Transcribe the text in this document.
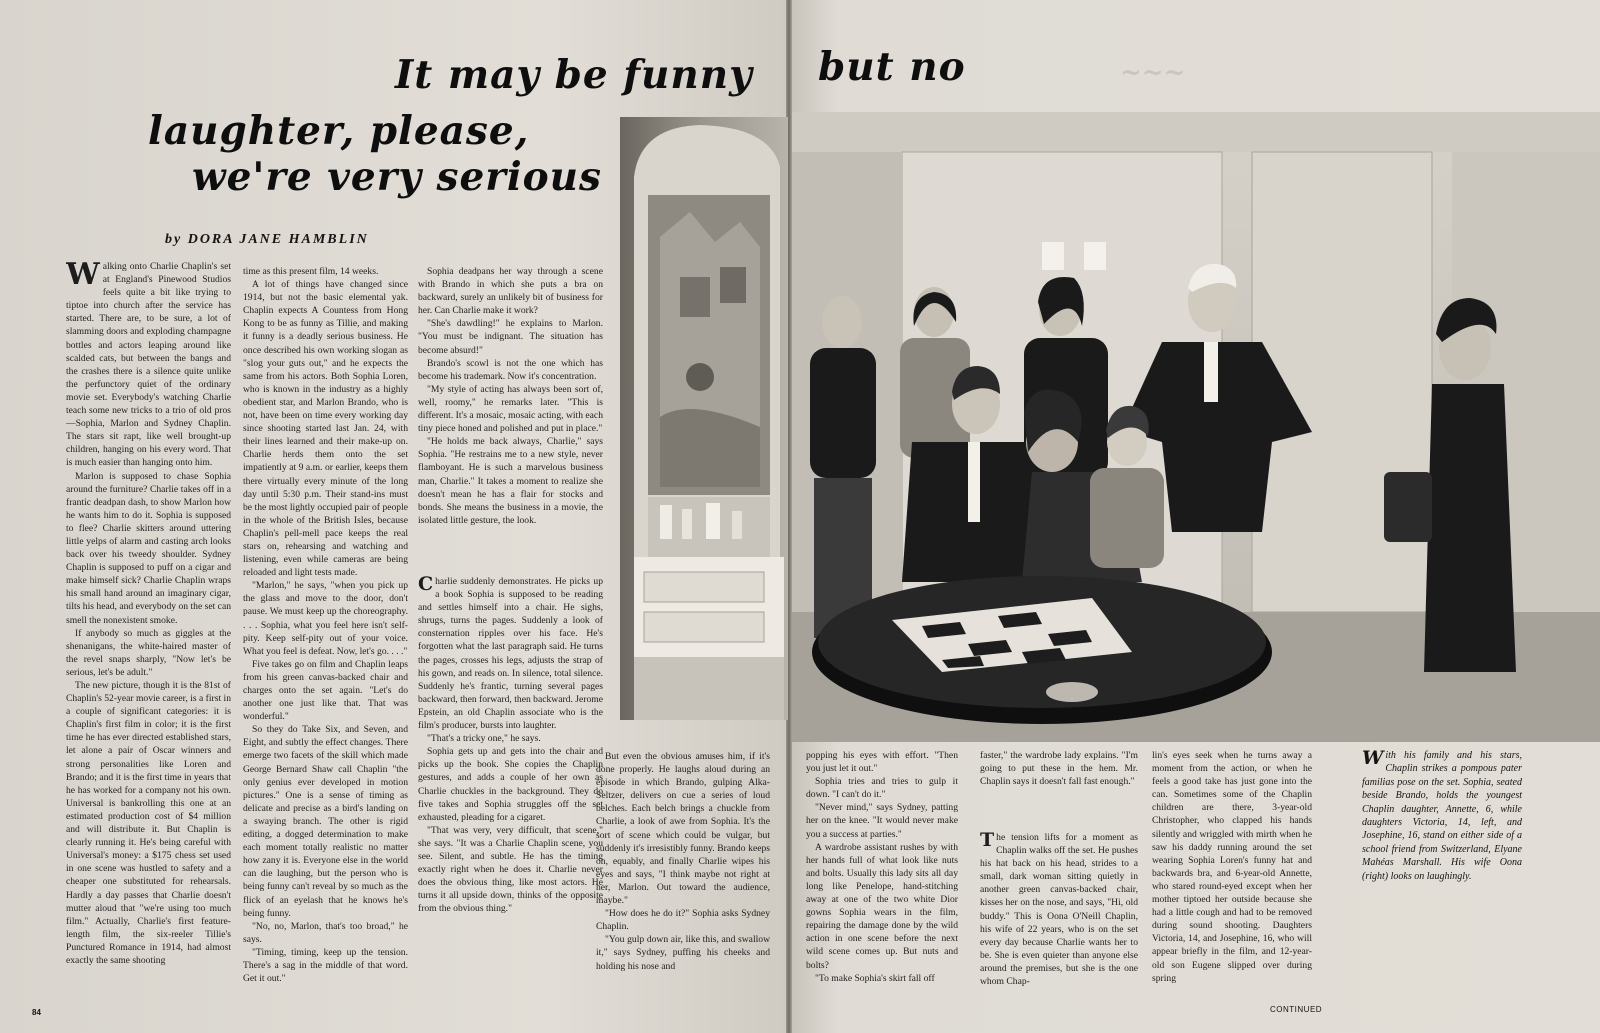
It may be funny
laughter, please,
we're very serious
but no
by DORA JANE HAMBLIN
~~~
W alking onto Charlie Chaplin's set at England's Pinewood Studios feels quite a bit like trying to tiptoe into church after the service has started. There are, to be sure, a lot of slamming doors and exploding champagne bottles and actors leaping around like scalded cats, but between the bangs and the crashes there is a silence quite unlike the perfunctory quiet of the ordinary movie set. Everybody's watching Charlie teach some new tricks to a trio of old pros—Sophia, Marlon and Sydney Chaplin. The stars sit rapt, like well brought-up children, hanging on his every word. That is much easier than hanging onto him.

Marlon is supposed to chase Sophia around the furniture? Charlie takes off in a frantic deadpan dash, to show Marlon how he wants him to do it. Sophia is supposed to flee? Charlie skitters around uttering little yelps of alarm and casting arch looks back over his tweedy shoulder. Sydney Chaplin is supposed to puff on a cigar and make himself sick? Charlie Chaplin wraps his small hand around an imaginary cigar, tilts his head, and everybody on the set can smell the nonexistent smoke.

If anybody so much as giggles at the shenanigans, the white-haired master of the revel snaps sharply, "Now let's be serious, let's be adult."

The new picture, though it is the 81st of Chaplin's 52-year movie career, is a first in a couple of significant categories: it is Chaplin's first film in color; it is the first time he has ever directed established stars, let alone a pair of Oscar winners and strong personalities like Loren and Brando; and it is the first time in years that he has worked for a company not his own. Universal is bankrolling this one at an estimated production cost of $4 million and will distribute it. But Chaplin is clearly running it. He's being careful with Universal's money: a $175 chess set used in one scene was hustled to safety and a cheaper one substituted for rehearsals. Hardly a day passes that Charlie doesn't mutter aloud that "we're using too much film." Actually, Charlie's first feature-length film, the six-reeler Tillie's Punctured Romance in 1914, had almost exactly the same shooting

time as this present film, 14 weeks.

A lot of things have changed since 1914, but not the basic elemental yak. Chaplin expects A Countess from Hong Kong to be as funny as Tillie, and making it funny is a deadly serious business. He once described his own working slogan as "slog your guts out," and he expects the same from his actors. Both Sophia Loren, who is known in the industry as a highly obedient star, and Marlon Brando, who is not, have been on time every working day since shooting started last Jan. 24, with their lines learned and their make-up on. Charlie herds them onto the set impatiently at 9 a.m. or earlier, keeps them there virtually every minute of the long day until 5:30 p.m. Their stand-ins must be the most lightly occupied pair of people in the whole of the British Isles, because Chaplin's pell-mell pace keeps the real stars on, rehearsing and watching and listening, even while cameras are being reloaded and light tests made.

"Marlon," he says, "when you pick up the glass and move to the door, don't pause. We must keep up the choreography. . . . Sophia, what you feel here isn't self-pity. Keep self-pity out of your voice. What you feel is defeat. Now, let's go. . . ."

Five takes go on film and Chaplin leaps from his green canvas-backed chair and charges onto the set again. "Let's do another one just like that. That was wonderful."

So they do Take Six, and Seven, and Eight, and subtly the effect changes. There emerge two facets of the skill which made George Bernard Shaw call Chaplin "the only genius ever developed in motion pictures." One is a sense of timing as delicate and precise as a bird's landing on a swaying branch. The other is rigid editing, a dogged determination to make each moment totally realistic no matter how zany it is. Everyone else in the world can die laughing, but the person who is being funny can't reveal by so much as the flick of an eyelash that he knows he's being funny.

"No, no, Marlon, that's too broad," he says.

"Timing, timing, keep up the tension. There's a sag in the middle of that word. Get it out."

Sophia deadpans her way through a scene with Brando in which she puts a bra on backward, surely an unlikely bit of business for her. Can Charlie make it work?

"She's dawdling!" he explains to Marlon. "You must be indignant. The situation has become absurd!"

Brando's scowl is not the one which has become his trademark. Now it's concentration.

"My style of acting has always been sort of, well, roomy," he remarks later. "This is different. It's a mosaic, mosaic acting, with each tiny piece honed and polished and put in place."

"He holds me back always, Charlie," says Sophia. "He restrains me to a new style, never flamboyant. He is such a marvelous business man, Charlie." It takes a moment to realize she doesn't mean he has a flair for stocks and bonds. She means the business in a movie, the isolated little gesture, the look.

C harlie suddenly demonstrates. He picks up a book Sophia is supposed to be reading and settles himself into a chair. He sighs, shrugs, turns the pages. Suddenly a look of consternation ripples over his face. He's forgotten what the last paragraph said. He turns the pages, crosses his legs, adjusts the strap of his gown, and reads on. In silence, total silence. Suddenly he's frantic, turning several pages backward, then forward, then backward. Jerome Epstein, an old Chaplin associate who is the film's producer, bursts into laughter.

"That's a tricky one," he says.

Sophia gets up and gets into the chair and picks up the book. She copies the Chaplin gestures, and adds a couple of her own as Charlie chuckles in the background. They do five takes and Sophia struggles off the set exhausted, pleading for a cigaret.

"That was very, very difficult, that scene," she says. "It was a Charlie Chaplin scene, you see. Silent, and subtle. He has the timing exactly right when he does it. Charlie never does the obvious thing, like most actors. He turns it all upside down, thinks of the opposite from the obvious thing."

But even the obvious amuses him, if it's done properly. He laughs aloud during an episode in which Brando, gulping Alka-Seltzer, delivers on cue a series of loud belches. Each belch brings a chuckle from Charlie, a look of awe from Sophia. It's the sort of scene which could be vulgar, but suddenly it's irresistibly funny. Brando keeps on, equably, and finally Charlie wipes his eyes and says, "I think maybe not right at her, Marlon. Out toward the audience, maybe."

"How does he do it?" Sophia asks Sydney Chaplin.

"You gulp down air, like this, and swallow it," says Sydney, puffing his cheeks and holding his nose and

popping his eyes with effort. "Then you just let it out."

Sophia tries and tries to gulp it down. "I can't do it."

"Never mind," says Sydney, patting her on the knee. "It would never make you a success at parties."

A wardrobe assistant rushes by with her hands full of what look like nuts and bolts. Usually this lady sits all day long like Penelope, hand-stitching away at one of the two white Dior gowns Sophia wears in the film, repairing the damage done by the wild action in one scene before the next wild scene comes up. But nuts and bolts?

"To make Sophia's skirt fall off

faster," the wardrobe lady explains. "I'm going to put these in the hem. Mr. Chaplin says it doesn't fall fast enough."

T he tension lifts for a moment as Chaplin walks off the set. He pushes his hat back on his head, strides to a small, dark woman sitting quietly in another green canvas-backed chair, kisses her on the nose, and says, "Hi, old buddy." This is Oona O'Neill Chaplin, his wife of 22 years, who is on the set every day because Charlie wants her to be. She is even quieter than anyone else around the premises, but she is the one whom Chap-

lin's eyes seek when he turns away a moment from the action, or when he feels a good take has just gone into the can. Sometimes some of the Chaplin children are there, 3-year-old Christopher, who clapped his hands silently and wriggled with mirth when he saw his daddy running around the set wearing Sophia Loren's funny hat and backwards bra, and 6-year-old Annette, who stared round-eyed except when her mother tiptoed her outside because she had a little cough and had to be removed during sound shooting. Daughters Victoria, 14, and Josephine, 16, who will appear briefly in the film, and 12-year-old son Eugene slipped over during spring

W ith his family and his stars, Chaplin strikes a pompous pater familias pose on the set. Sophia, seated beside Brando, holds the youngest Chaplin daughter, Annette, 6, while daughters Victoria, 14, left, and Josephine, 16, stand on either side of a school friend from Switzerland, Elyane Mahéas Marshall. His wife Oona (right) looks on laughingly.
84	CONTINUED
